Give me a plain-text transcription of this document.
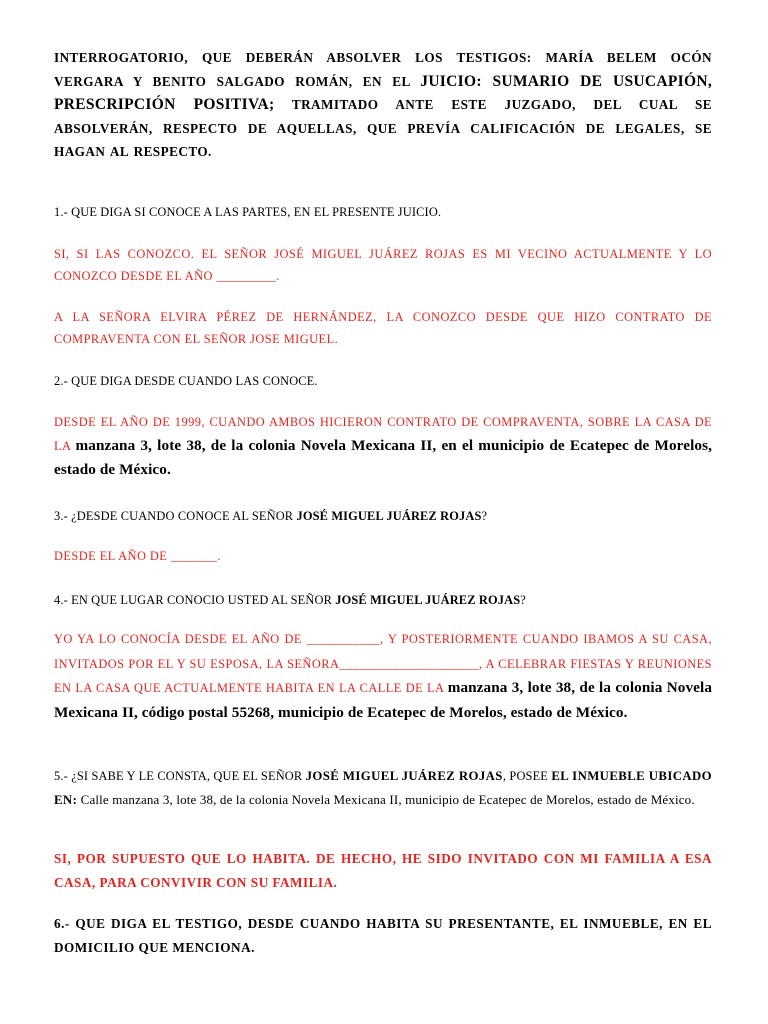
INTERROGATORIO, QUE DEBERÁN ABSOLVER LOS TESTIGOS: MARÍA BELEM OCÓN VERGARA Y BENITO SALGADO ROMÁN, EN EL JUICIO: SUMARIO DE USUCAPIÓN, PRESCRIPCIÓN POSITIVA; TRAMITADO ANTE ESTE JUZGADO, DEL CUAL SE ABSOLVERÁN, RESPECTO DE AQUELLAS, QUE PREVÍA CALIFICACIÓN DE LEGALES, SE HAGAN AL RESPECTO.

1.- QUE DIGA SI CONOCE A LAS PARTES, EN EL PRESENTE JUICIO.

SI, SI LAS CONOZCO. EL SEÑOR JOSÉ MIGUEL JUÁREZ ROJAS ES MI VECINO ACTUALMENTE Y LO CONOZCO DESDE EL AÑO _________.

A LA SEÑORA ELVIRA PÉREZ DE HERNÁNDEZ, LA CONOZCO DESDE QUE HIZO CONTRATO DE COMPRAVENTA CON EL SEÑOR JOSE MIGUEL.

2.- QUE DIGA DESDE CUANDO LAS CONOCE.

DESDE EL AÑO DE 1999, CUANDO AMBOS HICIERON CONTRATO DE COMPRAVENTA, SOBRE LA CASA DE LA manzana 3, lote 38, de la colonia Novela Mexicana II, en el municipio de Ecatepec de Morelos, estado de México.

3.- ¿DESDE CUANDO CONOCE AL SEÑOR JOSÉ MIGUEL JUÁREZ ROJAS?

DESDE EL AÑO DE _______.

4.- EN QUE LUGAR CONOCIO USTED AL SEÑOR JOSÉ MIGUEL JUÁREZ ROJAS?

YO YA LO CONOCÍA DESDE EL AÑO DE ___________, Y POSTERIORMENTE CUANDO IBAMOS A SU CASA, INVITADOS POR EL Y SU ESPOSA, LA SEÑORA_____________________, A CELEBRAR FIESTAS Y REUNIONES EN LA CASA QUE ACTUALMENTE HABITA EN LA CALLE DE LA manzana 3, lote 38, de la colonia Novela Mexicana II, código postal 55268, municipio de Ecatepec de Morelos, estado de México.

5.- ¿SI SABE Y LE CONSTA, QUE EL SEÑOR JOSÉ MIGUEL JUÁREZ ROJAS, POSEE EL INMUEBLE UBICADO EN: Calle manzana 3, lote 38, de la colonia Novela Mexicana II, municipio de Ecatepec de Morelos, estado de México.

SI, POR SUPUESTO QUE LO HABITA. DE HECHO, HE SIDO INVITADO CON MI FAMILIA A ESA CASA, PARA CONVIVIR CON SU FAMILIA.

6.- QUE DIGA EL TESTIGO, DESDE CUANDO HABITA SU PRESENTANTE, EL INMUEBLE, EN EL DOMICILIO QUE MENCIONA.
